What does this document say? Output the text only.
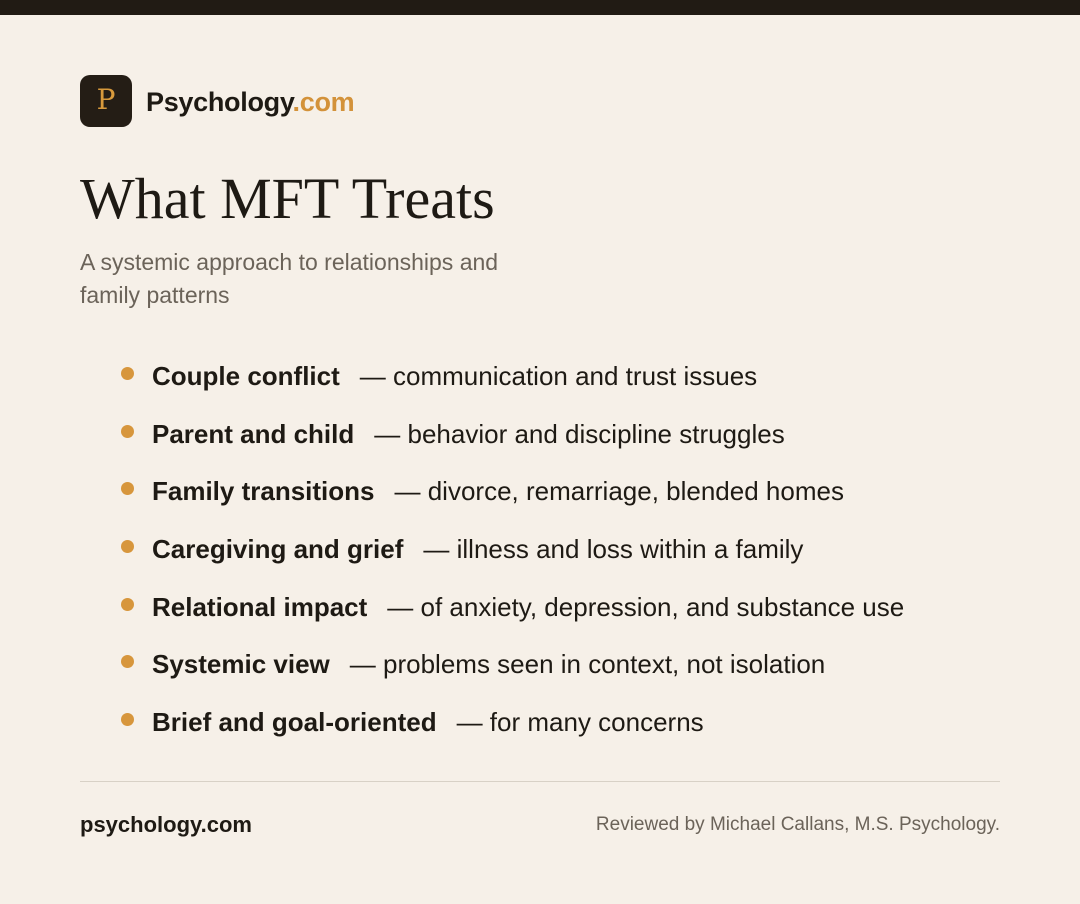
P Psychology.com
What MFT Treats

A systemic approach to relationships and family patterns

Couple conflict — communication and trust issues
Parent and child — behavior and discipline struggles
Family transitions — divorce, remarriage, blended homes
Caregiving and grief — illness and loss within a family
Relational impact — of anxiety, depression, and substance use
Systemic view — problems seen in context, not isolation
Brief and goal-oriented — for many concerns
psychology.com	Reviewed by Michael Callans, M.S. Psychology.
